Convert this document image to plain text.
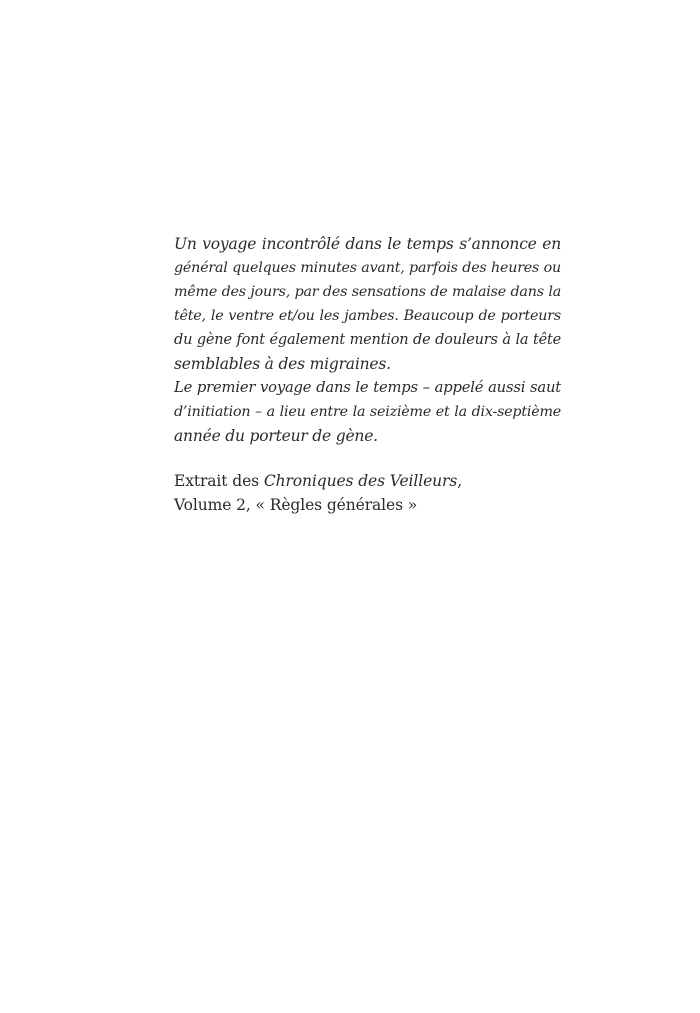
Un voyage incontrôlé dans le temps s’annonce en
général quelques minutes avant, parfois des heures ou
même des jours, par des sensations de malaise dans la
tête, le ventre et/ou les jambes. Beaucoup de porteurs
du gène font également mention de douleurs à la tête
semblables à des migraines.
Le premier voyage dans le temps – appelé aussi saut
d’initiation – a lieu entre la seizième et la dix-septième
année du porteur de gène.
Extrait des Chroniques des Veilleurs,
Volume 2, « Règles générales »
